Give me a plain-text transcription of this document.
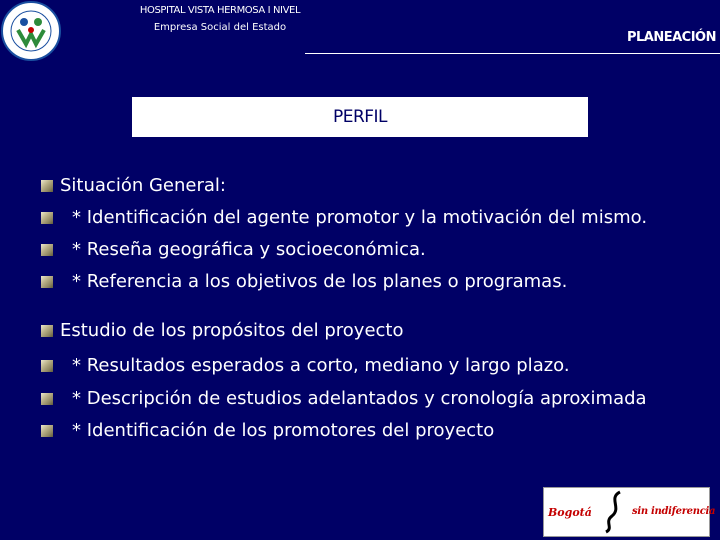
HOSPITAL VISTA HERMOSA I NIVEL
Empresa Social del Estado
PLANEACIÓN
PERFIL
Situación General:
* Identificación del agente promotor y la motivación del mismo.
* Reseña geográfica y socioeconómica.
* Referencia a los objetivos de los planes o programas.
Estudio de los propósitos del proyecto
* Resultados esperados a corto, mediano y largo plazo.
* Descripción de estudios adelantados y cronología aproximada
* Identificación de los promotores del proyecto
Bogotá	sin indiferencia
